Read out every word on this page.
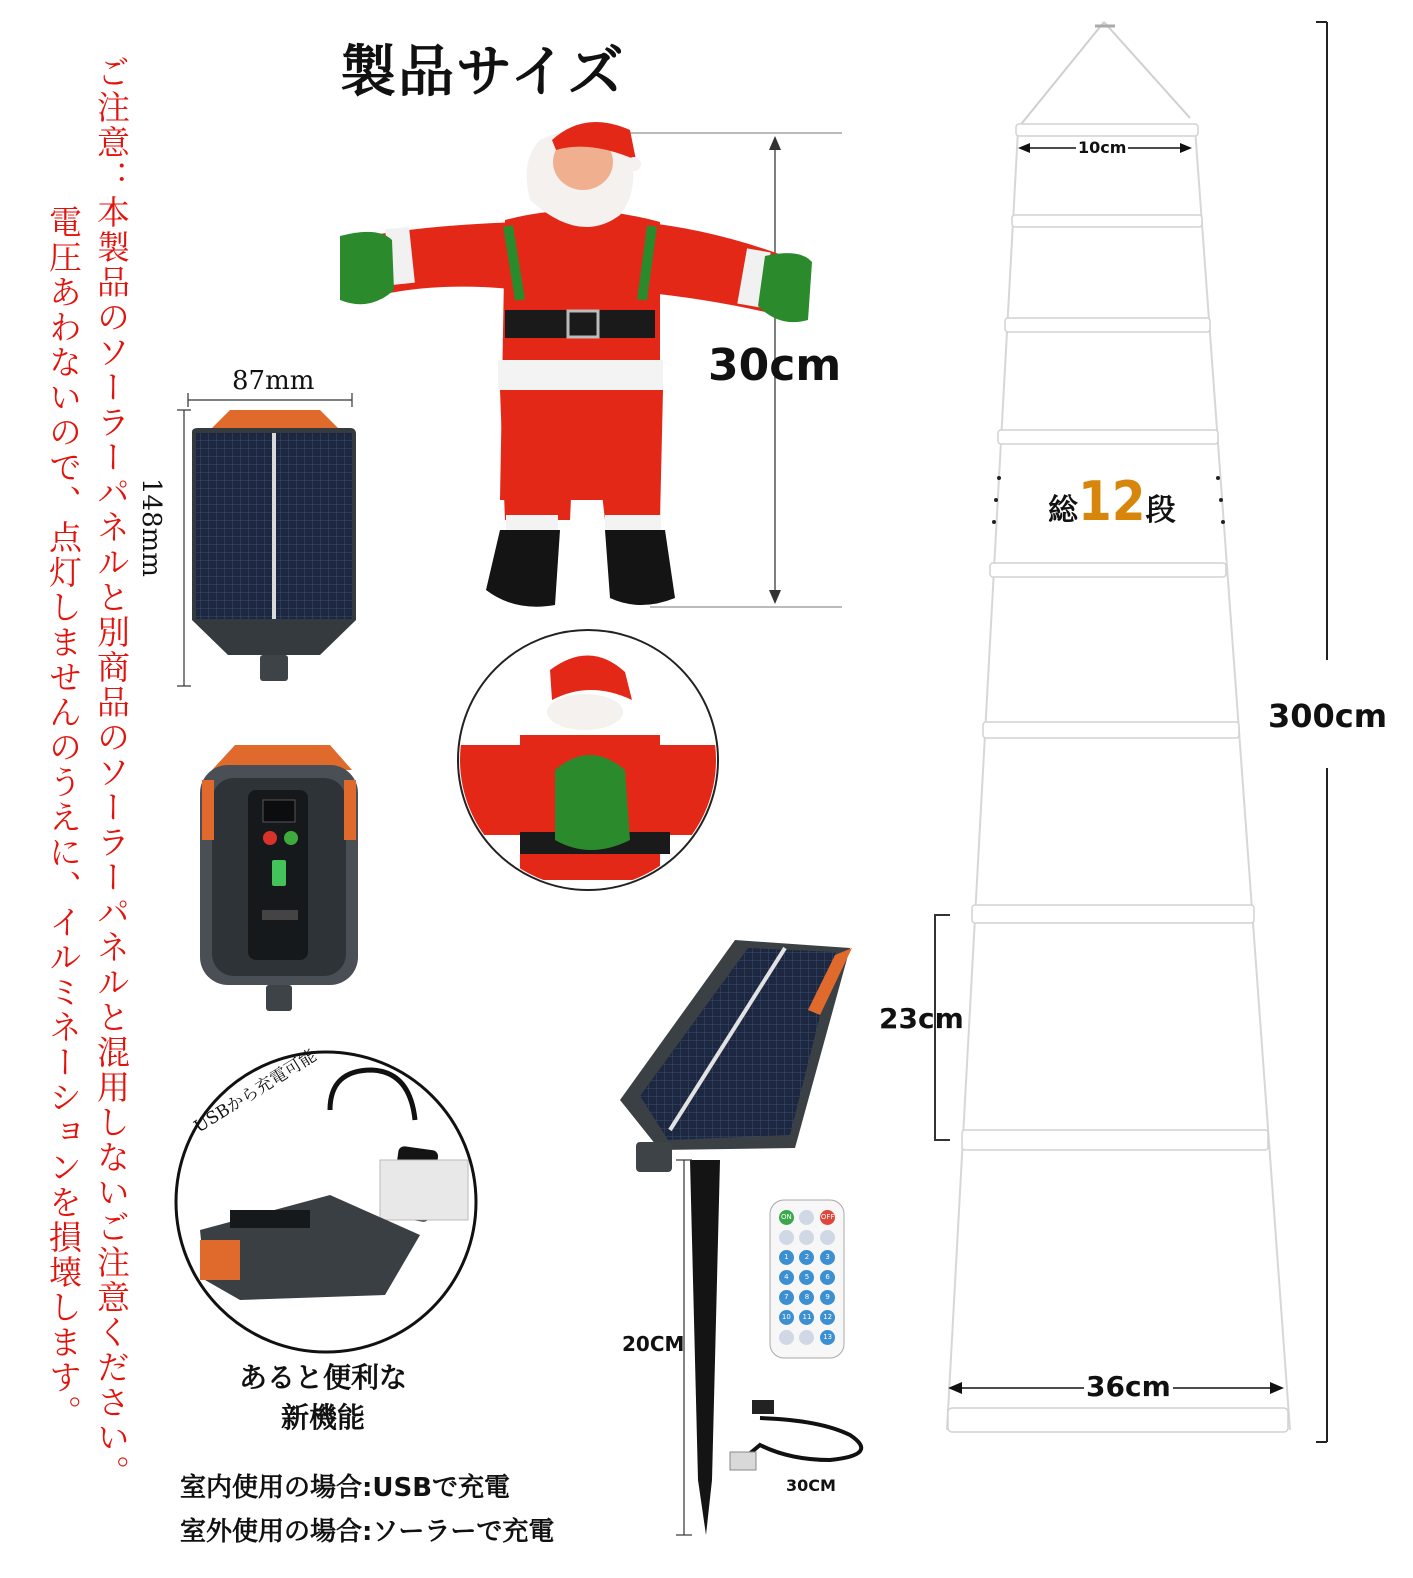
ご注意：本製品のソーラーパネルと別商品のソーラーパネルと混用しないご注意ください。
電圧あわないので、点灯しませんのうえに、イルミネーションを損壊します。
製品サイズ
30cm
87mm
148mm
USBから充電可能
あると便利な
新機能
室内使用の場合:USBで充電
室外使用の場合:ソーラーで充電
20CM
30CM
ON	OFF
1	2	3
4	5	6
7	8	9
10	11	12
13
10cm
36cm
23cm
300cm
総12段
